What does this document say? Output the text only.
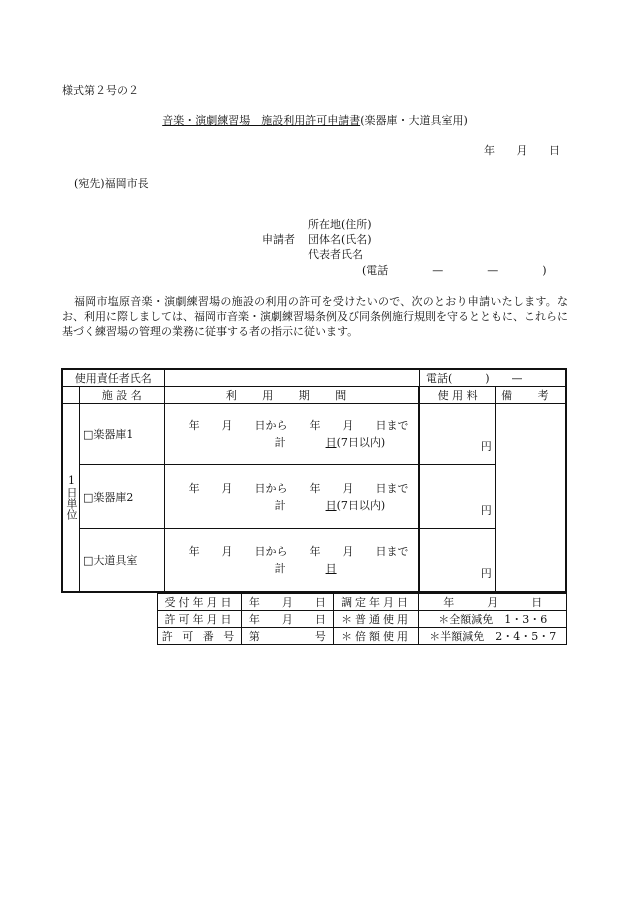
様式第２号の２
音楽・演劇練習場　施設利用許可申請書(楽器庫・大道具室用)
年 月 日
(宛先)福岡市長
所在地(住所)
申請者 団体名(氏名)
代表者氏名
(電話　　　　—　　　　—　　　　)
福岡市塩原音楽・演劇練習場の施設の利用の許可を受けたいので、次のとおり申請いたします。なお、利用に際しましては、福岡市音楽・演劇練習場条例及び同条例施行規則を守るとともに、これらに基づく練習場の管理の業務に従事する者の指示に従います。
使用責任者氏名			電話(　　　)　　—	
	施 設 名	利 用 期 間	使 用 料	備 考

1日単位	□楽器庫1	年　　月　　日から　　年　　月　　日まで
計 日(7日以内)	円	
	□楽器庫2	年　　月　　日から　　年　　月　　日まで
計 日(7日以内)	円	
	□大道具室	年　　月　　日から　　年　　月　　日まで
計 日	円	
受付年月日	年　　月　　日	調定年月日	年　　　月　　　日
許可年月日	年　　月　　日	＊普通使用	＊全額減免　1・3・6
許 可 番 号	第　　　　　号	＊倍額使用	＊半額減免　2・4・5・7
